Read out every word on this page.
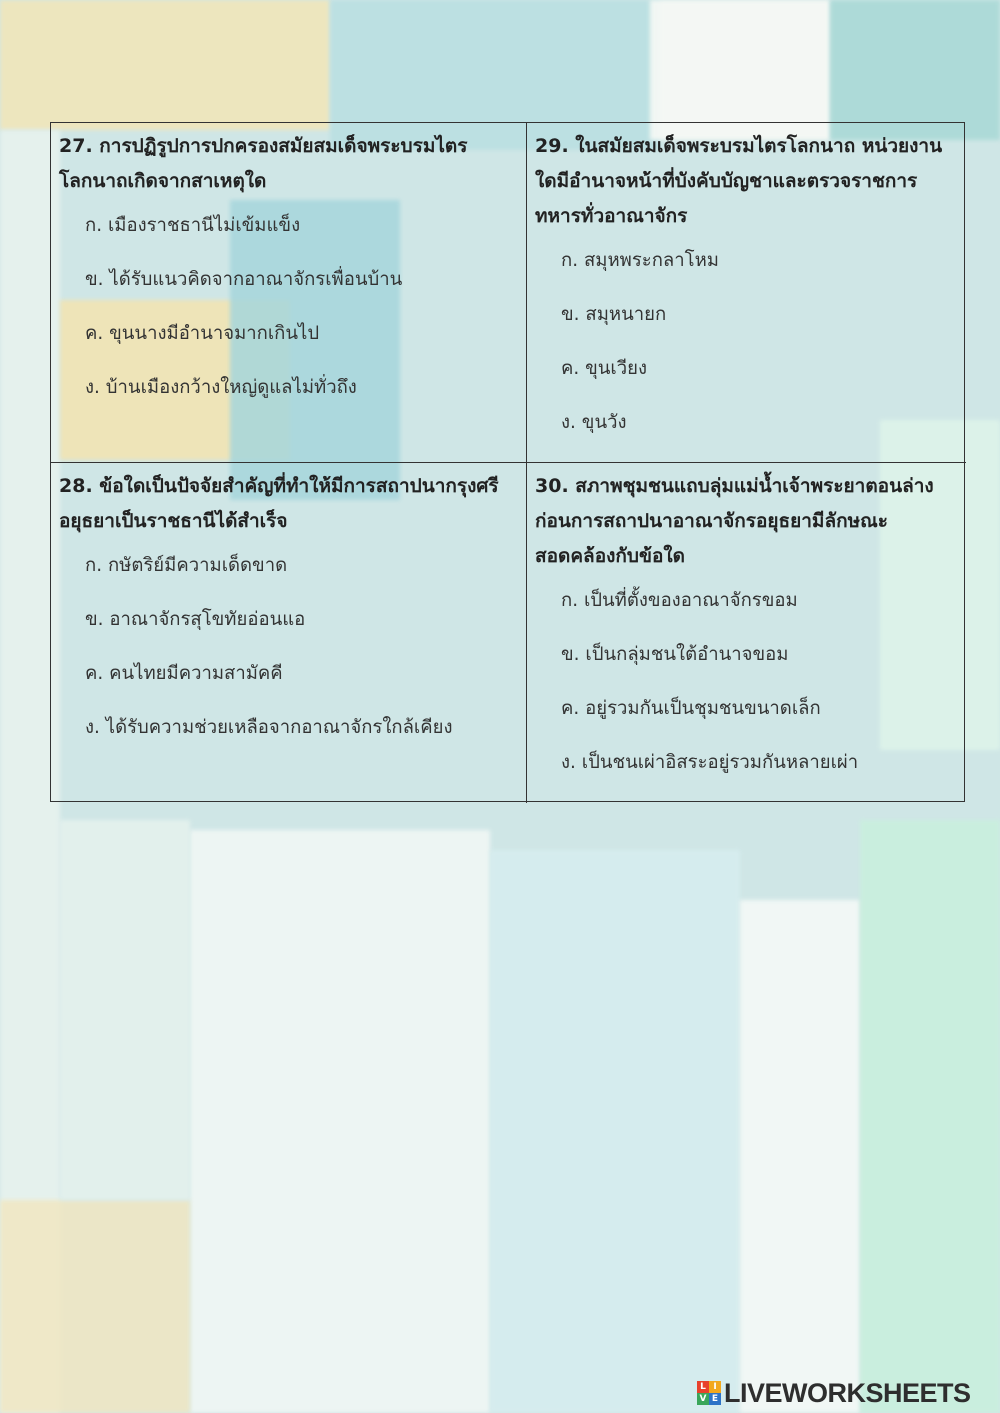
27. การปฏิรูปการปกครองสมัยสมเด็จพระบรมไตร
โลกนาถเกิดจากสาเหตุใด
ก. เมืองราชธานีไม่เข้มแข็ง
ข. ได้รับแนวคิดจากอาณาจักรเพื่อนบ้าน
ค. ขุนนางมีอำนาจมากเกินไป
ง. บ้านเมืองกว้างใหญ่ดูแลไม่ทั่วถึง
29. ในสมัยสมเด็จพระบรมไตรโลกนาถ หน่วยงาน
ใดมีอำนาจหน้าที่บังคับบัญชาและตรวจราชการ
ทหารทั่วอาณาจักร
ก. สมุหพระกลาโหม
ข. สมุหนายก
ค. ขุนเวียง
ง. ขุนวัง
28. ข้อใดเป็นปัจจัยสำคัญที่ทำให้มีการสถาปนากรุงศรี
อยุธยาเป็นราชธานีได้สำเร็จ
ก. กษัตริย์มีความเด็ดขาด
ข. อาณาจักรสุโขทัยอ่อนแอ
ค. คนไทยมีความสามัคคี
ง. ได้รับความช่วยเหลือจากอาณาจักรใกล้เคียง
30. สภาพชุมชนแถบลุ่มแม่น้ำเจ้าพระยาตอนล่าง
ก่อนการสถาปนาอาณาจักรอยุธยามีลักษณะ
สอดคล้องกับข้อใด
ก. เป็นที่ตั้งของอาณาจักรขอม
ข. เป็นกลุ่มชนใต้อำนาจขอม
ค. อยู่รวมกันเป็นชุมชนขนาดเล็ก
ง. เป็นชนเผ่าอิสระอยู่รวมกันหลายเผ่า
L I
V E LIVEWORKSHEETS
